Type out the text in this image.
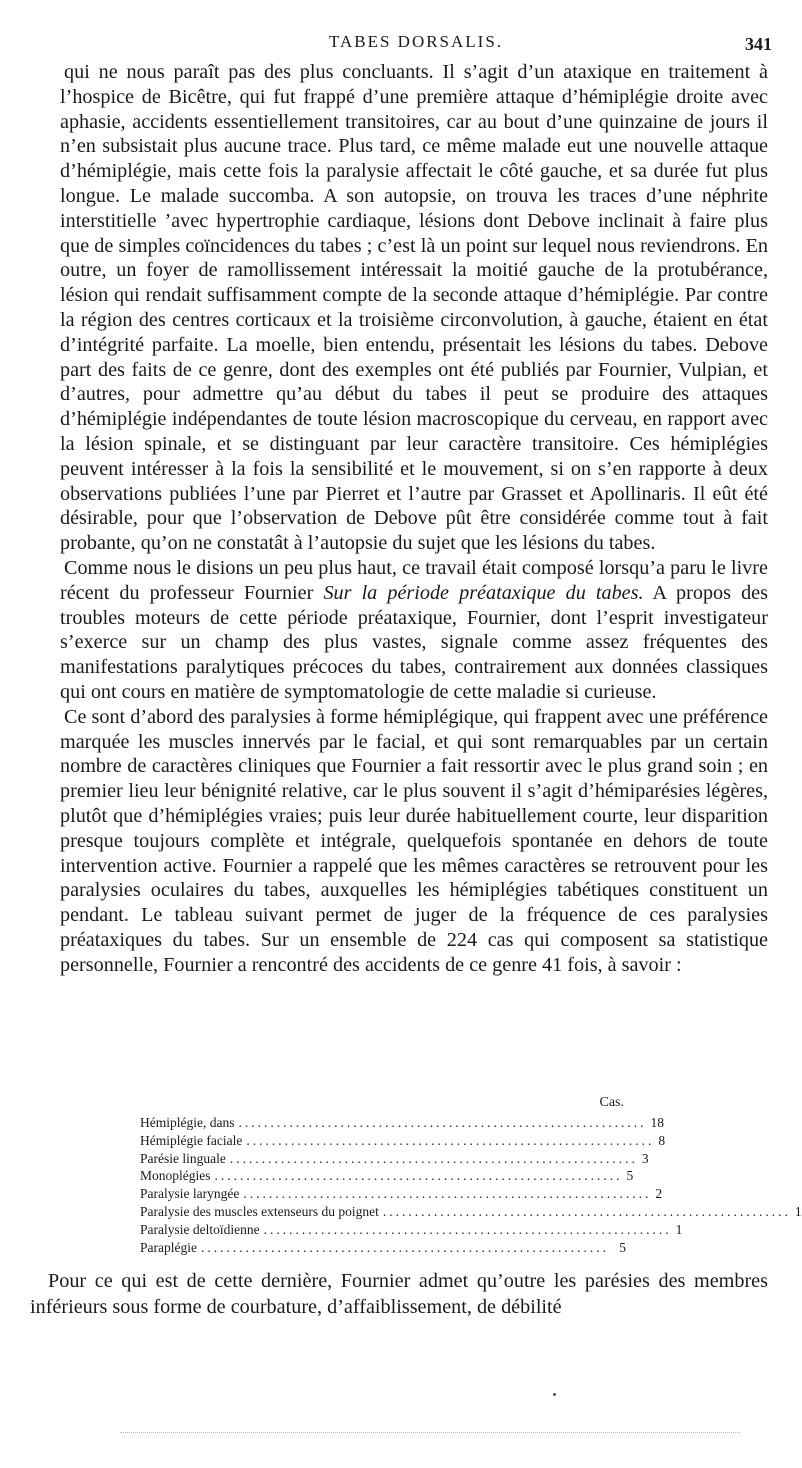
TABES DORSALIS.	341

qui ne nous paraît pas des plus concluants. Il s’agit d’un ataxique en traitement à l’hospice de Bicêtre, qui fut frappé d’une première attaque d’hémiplégie droite avec aphasie, accidents essentiellement transitoires, car au bout d’une quinzaine de jours il n’en subsistait plus aucune trace. Plus tard, ce même malade eut une nouvelle attaque d’hémiplégie, mais cette fois la paralysie affectait le côté gauche, et sa durée fut plus longue. Le malade succomba. A son autopsie, on trouva les traces d’une néphrite interstitielle ’avec hypertrophie cardiaque, lésions dont Debove inclinait à faire plus que de simples coïncidences du tabes ; c’est là un point sur lequel nous reviendrons. En outre, un foyer de ramollissement intéressait la moitié gauche de la protubérance, lésion qui rendait suffisamment compte de la seconde attaque d’hémiplégie. Par contre la région des centres corticaux et la troisième circonvolution, à gauche, étaient en état d’intégrité parfaite. La moelle, bien entendu, présentait les lésions du tabes. Debove part des faits de ce genre, dont des exemples ont été publiés par Fournier, Vulpian, et d’autres, pour admettre qu’au début du tabes il peut se produire des attaques d’hémiplégie indépendantes de toute lésion macroscopique du cerveau, en rapport avec la lésion spinale, et se distinguant par leur caractère transitoire. Ces hémiplégies peuvent intéresser à la fois la sensibilité et le mouvement, si on s’en rapporte à deux observations publiées l’une par Pierret et l’autre par Grasset et Apollinaris. Il eût été désirable, pour que l’observation de Debove pût être considérée comme tout à fait probante, qu’on ne constatât à l’autopsie du sujet que les lésions du tabes.

Comme nous le disions un peu plus haut, ce travail était composé lorsqu’a paru le livre récent du professeur Fournier Sur la période préataxique du tabes. A propos des troubles moteurs de cette période préataxique, Fournier, dont l’esprit investigateur s’exerce sur un champ des plus vastes, signale comme assez fréquentes des manifestations paralytiques précoces du tabes, contrairement aux données classiques qui ont cours en matière de symptomatologie de cette maladie si curieuse.

Ce sont d’abord des paralysies à forme hémiplégique, qui frappent avec une préférence marquée les muscles innervés par le facial, et qui sont remarquables par un certain nombre de caractères cliniques que Fournier a fait ressortir avec le plus grand soin ; en premier lieu leur bénignité relative, car le plus souvent il s’agit d’hémiparésies légères, plutôt que d’hémiplégies vraies; puis leur durée habituellement courte, leur disparition presque toujours complète et intégrale, quelquefois spontanée en dehors de toute intervention active. Fournier a rappelé que les mêmes caractères se retrouvent pour les paralysies oculaires du tabes, auxquelles les hémiplégies tabétiques constituent un pendant. Le tableau suivant permet de juger de la fréquence de ces paralysies préataxiques du tabes. Sur un ensemble de 224 cas qui composent sa statistique personnelle, Fournier a rencontré des accidents de ce genre 41 fois, à savoir :

Cas.
Hémiplégie, dans ................................................................ 18
Hémiplégie faciale ................................................................ 8
Parésie linguale ................................................................ 3
Monoplégies ................................................................ 5
Paralysie laryngée ................................................................ 2
Paralysie des muscles extenseurs du poignet ................................................................ 1
Paralysie deltoïdienne ................................................................ 1
Paraplégie ................................................................ 5

Pour ce qui est de cette dernière, Fournier admet qu’outre les parésies des membres inférieurs sous forme de courbature, d’affaiblissement, de débilité
